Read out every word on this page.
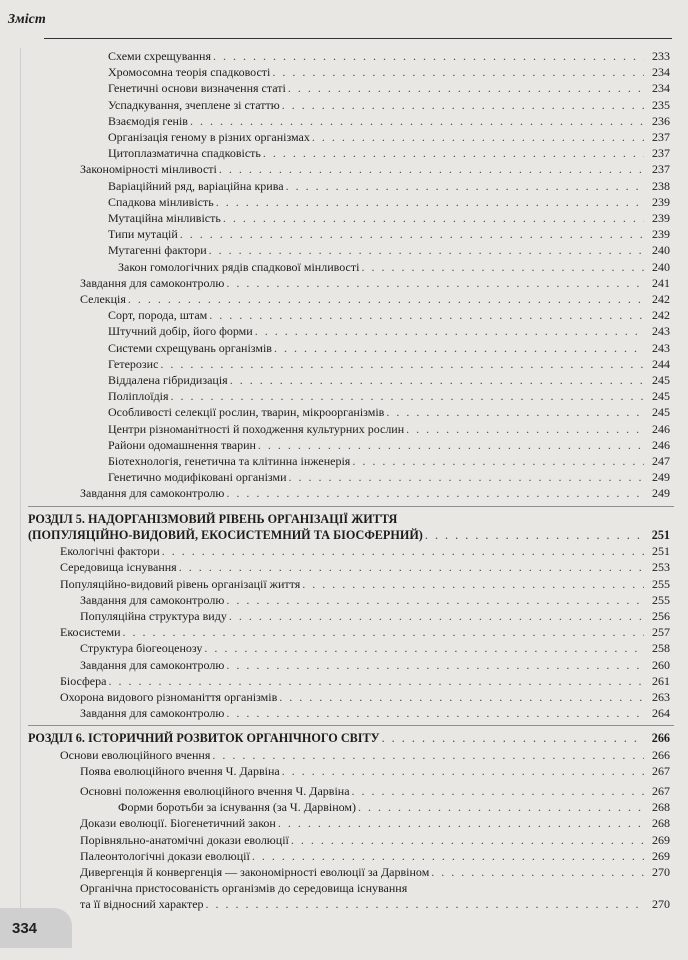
Зміст
Схеми схрещування . . .	233
Хромосомна теорія спадковості . . .	234
Генетичні основи визначення статі . . .	234
Успадкування, зчеплене зі статтю . . .	235
Взаємодія генів . . .	236
Організація геному в різних організмах . . .	237
Цитоплазматична спадковість . . .	237
Закономірності мінливості . . .	237
Варіаційний ряд, варіаційна крива . . .	238
Спадкова мінливість . . .	239
Мутаційна мінливість . . .	239
Типи мутацій . . .	239
Мутагенні фактори . . .	240
Закон гомологічних рядів спадкової мінливості . . .	240
Завдання для самоконтролю . . .	241
Селекція . . .	242
Сорт, порода, штам . . .	242
Штучний добір, його форми . . .	243
Системи схрещувань організмів . . .	243
Гетерозис . . .	244
Віддалена гібридизація . . .	245
Поліплоїдія . . .	245
Особливості селекції рослин, тварин, мікроорганізмів . . .	245
Центри різноманітності й походження культурних рослин . . .	246
Райони одомашнення тварин . . .	246
Біотехнологія, генетична та клітинна інженерія . . .	247
Генетично модифіковані організми . . .	249
Завдання для самоконтролю . . .	249
РОЗДІЛ 5. НАДОРГАНІЗМОВИЙ РІВЕНЬ ОРГАНІЗАЦІЇ ЖИТТЯ
(ПОПУЛЯЦІЙНО-ВИДОВИЙ, ЕКОСИСТЕМНИЙ ТА БІОСФЕРНИЙ) . . .	251
Екологічні фактори . . .	251
Середовища існування . . .	253
Популяційно-видовий рівень організації життя . . .	255
Завдання для самоконтролю . . .	255
Популяційна структура виду . . .	256
Екосистеми . . .	257
Структура біогеоценозу . . .	258
Завдання для самоконтролю . . .	260
Біосфера . . .	261
Охорона видового різноманіття організмів . . .	263
Завдання для самоконтролю . . .	264
РОЗДІЛ 6. ІСТОРИЧНИЙ РОЗВИТОК ОРГАНІЧНОГО СВІТУ . . .	266
Основи еволюційного вчення . . .	266
Поява еволюційного вчення Ч. Дарвіна . . .	267
Основні положення еволюційного вчення Ч. Дарвіна . . .	267
Форми боротьби за існування (за Ч. Дарвіном) . . .	268
Докази еволюції. Біогенетичний закон . . .	268
Порівняльно-анатомічні докази еволюції . . .	269
Палеонтологічні докази еволюції . . .	269
Дивергенція й конвергенція — закономірності еволюції за Дарвіном . . .	270
Органічна пристосованість організмів до середовища існування
та її відносний характер . . .	270
334
